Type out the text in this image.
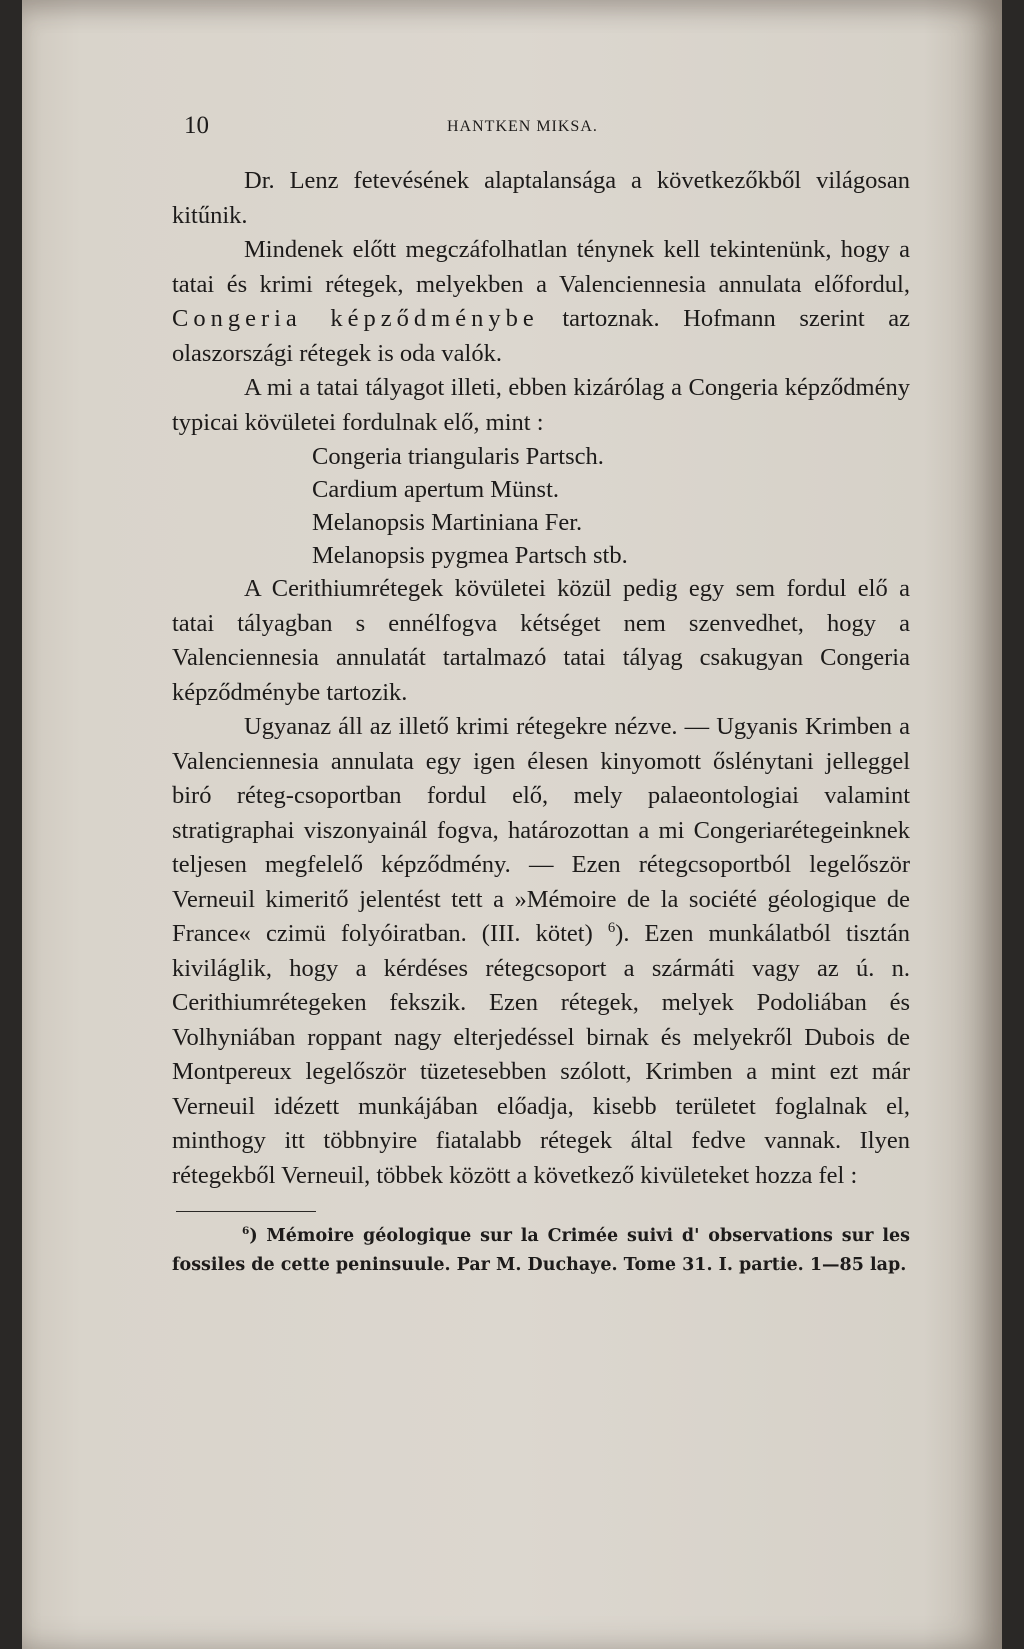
10	HANTKEN MIKSA.

Dr. Lenz fetevésének alaptalansága a következőkből világosan kitűnik.

Mindenek előtt megczáfolhatlan ténynek kell tekintenünk, hogy a tatai és krimi rétegek, melyekben a Valenciennesia annulata előfordul, Congeria képződménybe tartoznak. Hofmann szerint az olaszországi rétegek is oda valók.

A mi a tatai tályagot illeti, ebben kizárólag a Congeria képződmény typicai kövületei fordulnak elő, mint :

Congeria triangularis Partsch.
Cardium apertum Münst.
Melanopsis Martiniana Fer.
Melanopsis pygmea Partsch stb.

A Cerithiumrétegek kövületei közül pedig egy sem fordul elő a tatai tályagban s ennélfogva kétséget nem szenvedhet, hogy a Valenciennesia annulatát tartalmazó tatai tályag csakugyan Congeria képződménybe tartozik.

Ugyanaz áll az illető krimi rétegekre nézve. — Ugyanis Krimben a Valenciennesia annulata egy igen élesen kinyomott őslénytani jelleggel biró réteg-csoportban fordul elő, mely palaeontologiai valamint stratigraphai viszonyainál fogva, határozottan a mi Congeriarétegeinknek teljesen megfelelő képződmény. — Ezen rétegcsoportból legelőször Verneuil kimeritő jelentést tett a »Mémoire de la société géologique de France« czimü folyóiratban. (III. kötet) $^6$). Ezen munkálatból tisztán kiviláglik, hogy a kérdéses rétegcsoport a szármáti vagy az ú. n. Cerithiumrétegeken fekszik. Ezen rétegek, melyek Podoliában és Volhyniában roppant nagy elterjedéssel birnak és melyekről Dubois de Montpereux legelőször tüzetesebben szólott, Krimben a mint ezt már Verneuil idézett munkájában előadja, kisebb területet foglalnak el, minthogy itt többnyire fiatalabb rétegek által fedve vannak. Ilyen rétegekből Verneuil, többek között a következő kivületeket hozza fel :

$^6$) Mémoire géologique sur la Crimée suivi d' observations sur les fossiles de cette peninsuule. Par M. Duchaye. Tome 31. I. partie. 1—85 lap.
